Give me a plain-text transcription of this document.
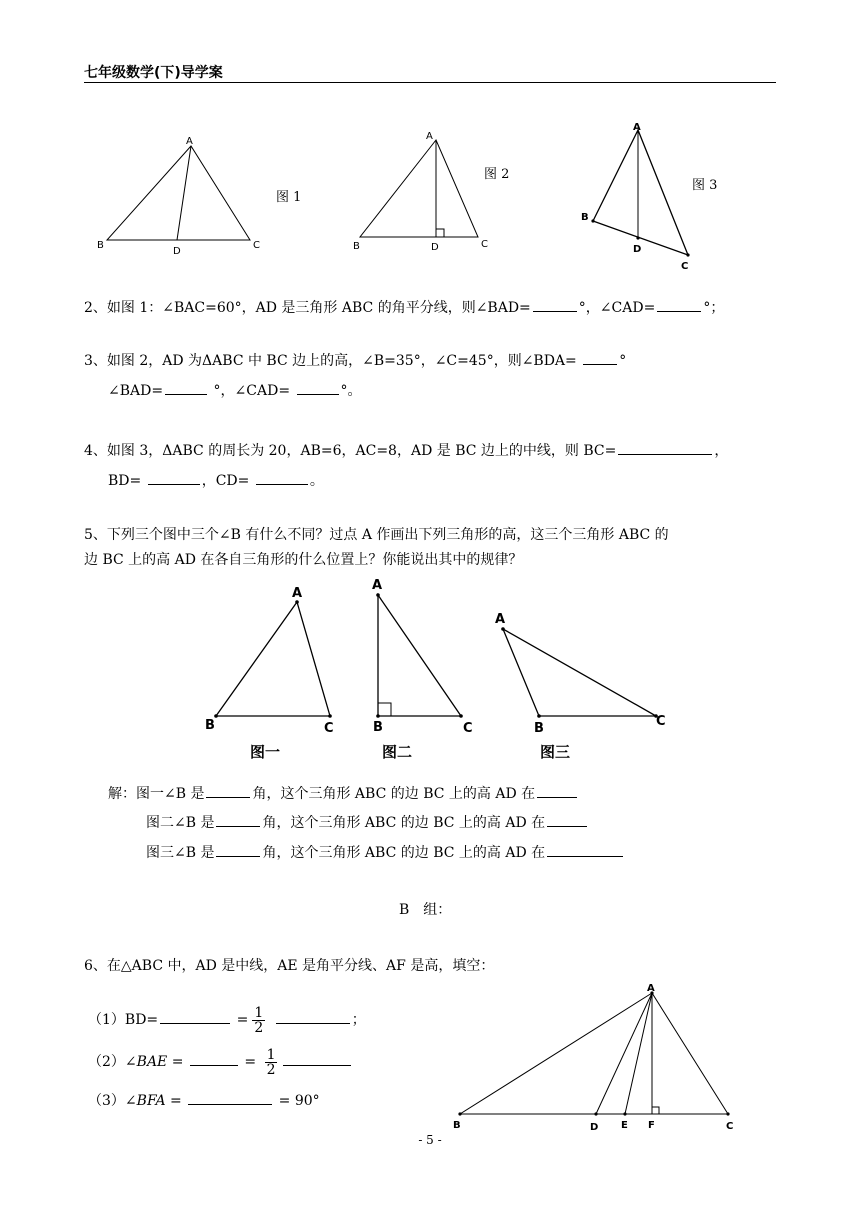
七年级数学(下)导学案
A
B	C
D
图 1
A
B	C
D
图 2
A
B
C
D
图 3
2、如图 1：∠BAC=60°，AD 是三角形 ABC 的角平分线，则∠BAD=	°，∠CAD=	°；
3、如图 2，AD 为ΔABC 中 BC 边上的高，∠B=35°，∠C=45°，则∠BDA=	°
∠BAD=	°，∠CAD=	°。
4、如图 3，ΔABC 的周长为 20，AB=6，AC=8，AD 是 BC 边上的中线，则 BC=	，
BD=	，CD=	。
5、下列三个图中三个∠B 有什么不同？过点 A 作画出下列三角形的高，这三个三角形 ABC 的
边 BC 上的高 AD 在各自三角形的什么位置上？你能说出其中的规律？
A
B	C
图一
A
B	C
图二
A
B	C
图三
解：图一∠B 是	角，这个三角形 ABC 的边 BC 上的高 AD 在
图二∠B 是	角，这个三角形 ABC 的边 BC 上的高 AD 在
图三∠B 是	角，这个三角形 ABC 的边 BC 上的高 AD 在
B　组：
6、在△ABC 中，AD 是中线，AE 是角平分线、AF 是高，填空：
（1）BD=	= $\frac{1}{2}$	；
（2）∠BAE =	= $\frac{1}{2}$
（3）∠BFA =	= 90°
A
B	C
D E F
- 5 -
